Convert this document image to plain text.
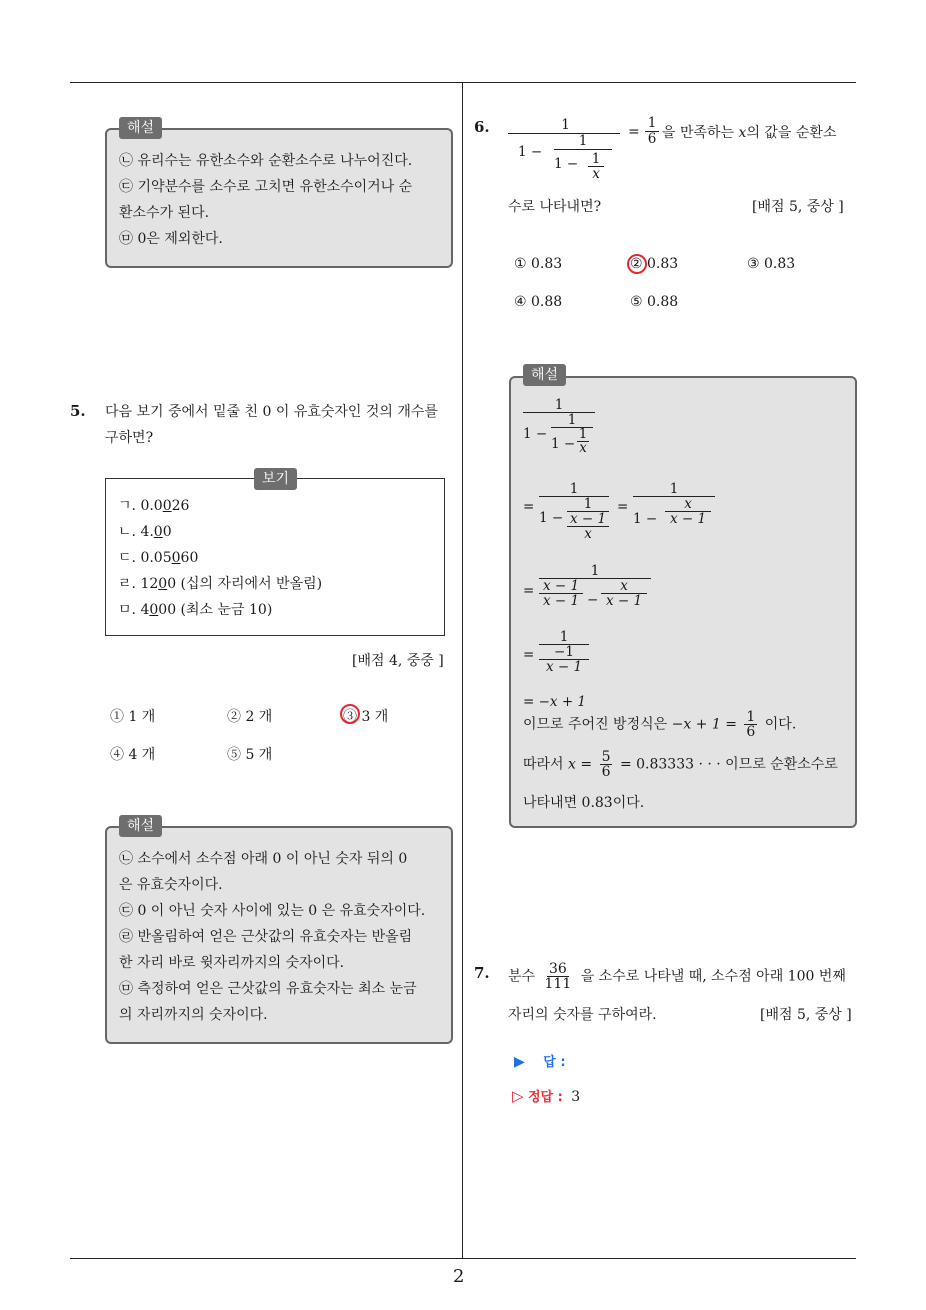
2
㉡ 유리수는 유한소수와 순환소수로 나누어진다.
㉢ 기약분수를 소수로 고치면 유한소수이거나 순
환소수가 된다.
㉤ 0은 제외한다.
해설
5. 다음 보기 중에서 밑줄 친 0 이 유효숫자인 것의 개수를
구하면?
ㄱ. 0.0026
ㄴ. 4.00
ㄷ. 0.05060
ㄹ. 1200 (십의 자리에서 반올림)
ㅁ. 4000 (최소 눈금 10)
보기
[배점 4, 중중 ]
① 1 개	② 2 개	③ 3 개
④ 4 개	⑤ 5 개
㉡ 소수에서 소수점 아래 0 이 아닌 숫자 뒤의 0
은 유효숫자이다.
㉢ 0 이 아닌 숫자 사이에 있는 0 은 유효숫자이다.
㉣ 반올림하여 얻은 근삿값의 유효숫자는 반올림
한 자리 바로 윗자리까지의 숫자이다.
㉤ 측정하여 얻은 근삿값의 유효숫자는 최소 눈금
의 자리까지의 숫자이다.
해설
6.	1
1 −
1
1 − 1
x
=
1
6 을 만족하는 x의 값을 순환소
수로 나타내면?	[배점 5, 중상 ]
① 0.83	② 0.83̇	③ 0.8̇3̇
④ 0.88	⑤ 0.88
1
1 −
1
1 −
1
x
=
1
1 −
1
x − 1
x
=
1
1 −
x
x − 1
=
1
x − 1
x − 1 −
x
x − 1
=
1
−1
x − 1
= −x + 1
이므로 주어진 방정식은 $-x + 1 = \frac{1}{6}$ 이다.
따라서 $x = \frac{5}{6} = 0.83333$ · · · 이므로 순환소수로
나타내면 0.83̇이다.
해설
7. 분수 $\frac{36}{111}$ 을 소수로 나타낼 때, 소수점 아래 100 번째
자리의 숫자를 구하여라.	[배점 5, 중상 ]
▶ 답 :
▷ 정답 : 3
